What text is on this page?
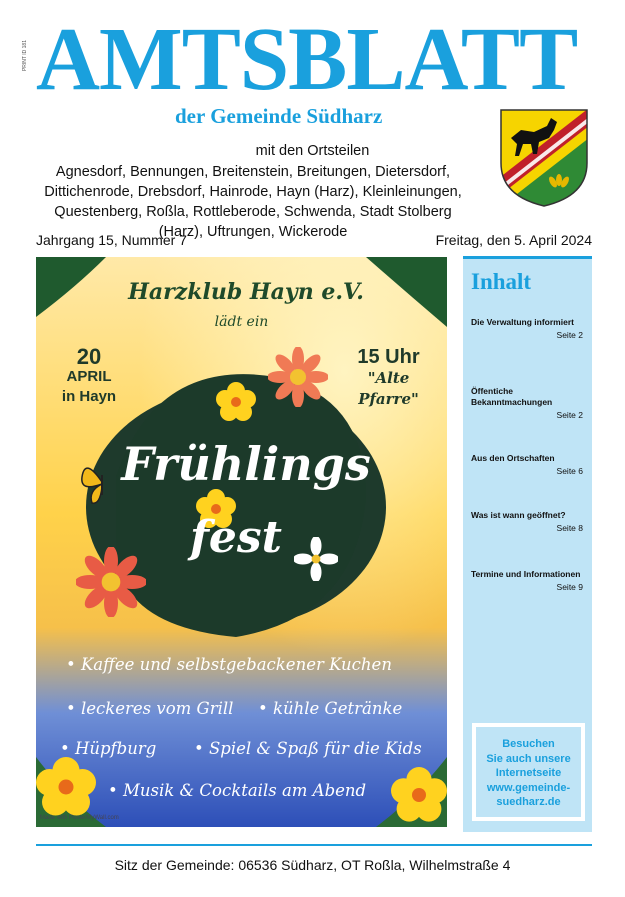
PRINT ID 181 AMTSBLATT
der Gemeinde Südharz
mit den Ortsteilen
Agnesdorf, Bennungen, Breitenstein, Breitungen, Dietersdorf, Dittichenrode, Drebsdorf, Hainrode, Hayn (Harz), Kleinleinungen, Questenberg, Roßla, Rottleberode, Schwenda, Stadt Stolberg (Harz), Uftrungen, Wickerode
Jahrgang 15, Nummer 7	Freitag, den 5. April 2024
Harzklub Hayn e.V.
lädt ein
20
APRIL
in Hayn
15 Uhr
"Alte
Pfarre"
Frühlings
fest
• Kaffee und selbstgebackener Kuchen
• leckeres vom Grill • kühle Getränke
• Hüpfburg • Spiel & Spaß für die Kids
• Musik & Cocktails am Abend
Made with PosterMyWall.com
Inhalt
Die Verwaltung informiert
Seite 2
Öffentiche Bekanntmachungen
Seite 2
Aus den Ortschaften
Seite 6
Was ist wann geöffnet?
Seite 8
Termine und Informationen
Seite 9
Besuchen
Sie auch unsere
Internetseite
www.gemeinde-
suedharz.de
Sitz der Gemeinde: 06536 Südharz, OT Roßla, Wilhelmstraße 4
